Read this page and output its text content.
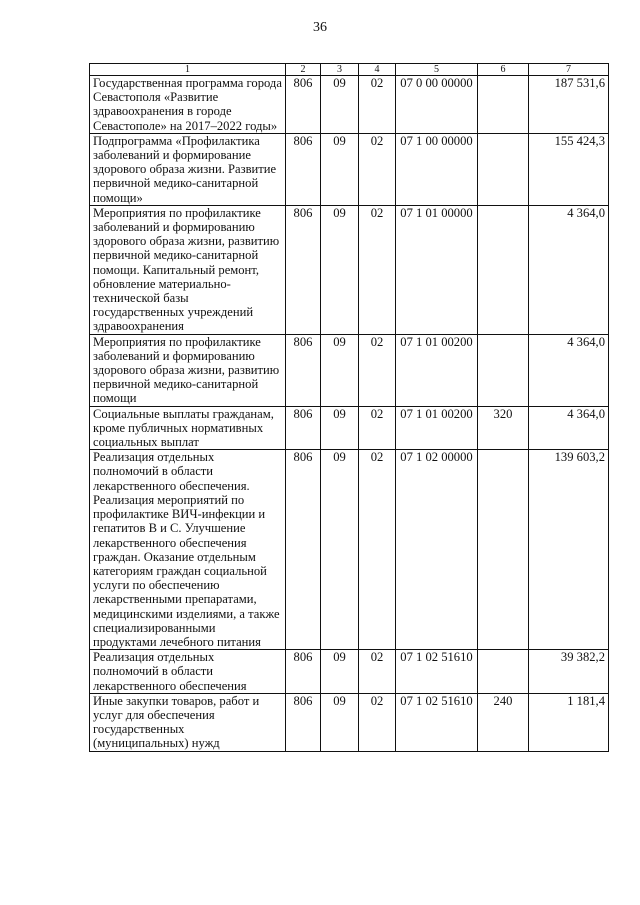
36
1	2	3	4	5	6	7
Государственная программа города Севастополя «Развитие здравоохранения в городе Севастополе» на 2017–2022 годы»	806	09	02	07 0 00 00000		187 531,6
Подпрограмма «Профилактика заболеваний и формирование здорового образа жизни. Развитие первичной медико-санитарной помощи»	806	09	02	07 1 00 00000		155 424,3
Мероприятия по профилактике заболеваний и формированию здорового образа жизни, развитию первичной медико-санитарной помощи. Капитальный ремонт, обновление материально-технической базы государственных учреждений здравоохранения	806	09	02	07 1 01 00000		4 364,0
Мероприятия по профилактике заболеваний и формированию здорового образа жизни, развитию первичной медико-санитарной помощи	806	09	02	07 1 01 00200		4 364,0
Социальные выплаты гражданам, кроме публичных нормативных социальных выплат	806	09	02	07 1 01 00200	320	4 364,0
Реализация отдельных полномочий в области лекарственного обеспечения. Реализация мероприятий по профилактике ВИЧ-инфекции и гепатитов В и С. Улучшение лекарственного обеспечения граждан. Оказание отдельным категориям граждан социальной услуги по обеспечению лекарственными препаратами, медицинскими изделиями, а также специализированными продуктами лечебного питания	806	09	02	07 1 02 00000		139 603,2
Реализация отдельных полномочий в области лекарственного обеспечения	806	09	02	07 1 02 51610		39 382,2
Иные закупки товаров, работ и услуг для обеспечения государственных (муниципальных) нужд	806	09	02	07 1 02 51610	240	1 181,4
